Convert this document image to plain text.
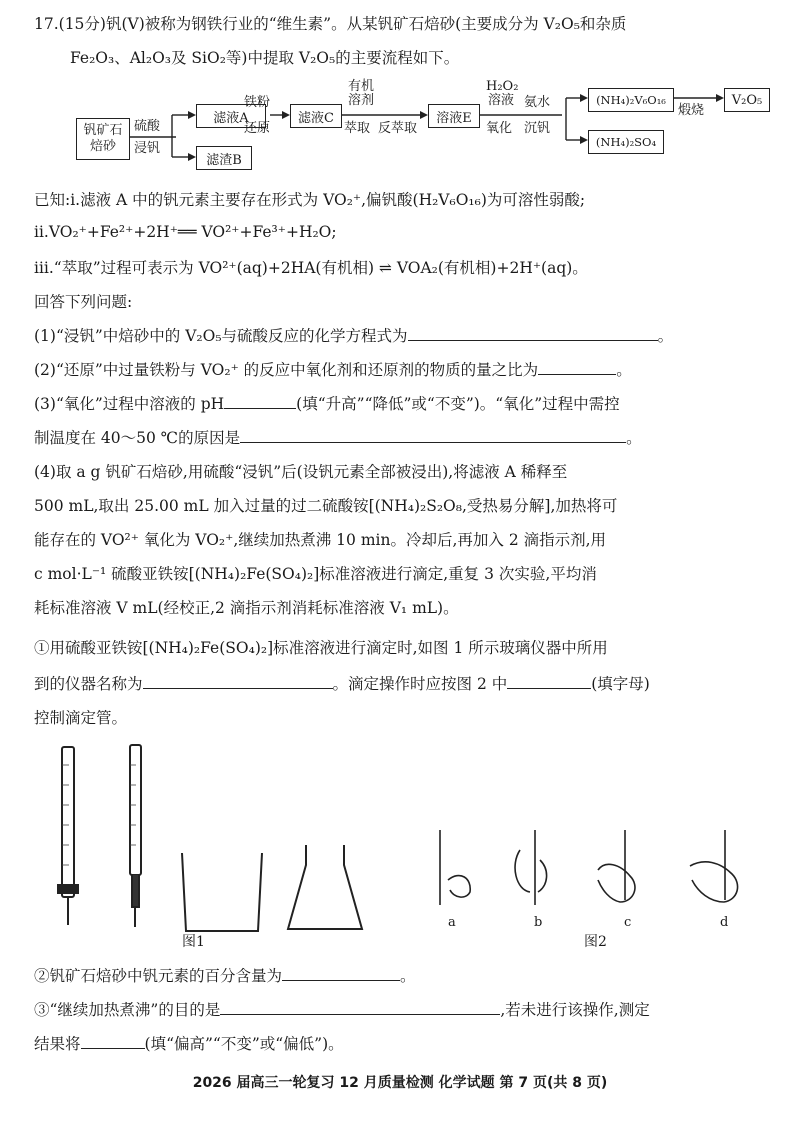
17.(15分)钒(V)被称为钢铁行业的“维生素”。从某钒矿石焙砂(主要成分为 V₂O₅和杂质
Fe₂O₃、Al₂O₃及 SiO₂等)中提取 V₂O₅的主要流程如下。
钒矿石焙砂
硫酸
浸钒
滤液A
滤渣B
铁粉
还原
滤液C
有机溶剂
萃取 反萃取
溶液E
H₂O₂溶液
氧化
氨水
沉钒
(NH₄)₂V₆O₁₆
(NH₄)₂SO₄
煅烧
V₂O₅
已知:ⅰ.滤液 A 中的钒元素主要存在形式为 VO₂⁺,偏钒酸(H₂V₆O₁₆)为可溶性弱酸;
ⅱ.VO₂⁺+Fe²⁺+2H⁺══ VO²⁺+Fe³⁺+H₂O;
ⅲ.“萃取”过程可表示为 VO²⁺(aq)+2HA(有机相) ⇌ VOA₂(有机相)+2H⁺(aq)。
回答下列问题:
(1)“浸钒”中焙砂中的 V₂O₅与硫酸反应的化学方程式为	。
(2)“还原”中过量铁粉与 VO₂⁺ 的反应中氧化剂和还原剂的物质的量之比为	。
(3)“氧化”过程中溶液的 pH	(填“升高”“降低”或“不变”)。“氧化”过程中需控
制温度在 40～50 ℃的原因是	。
(4)取 a g 钒矿石焙砂,用硫酸“浸钒”后(设钒元素全部被浸出),将滤液 A 稀释至
500 mL,取出 25.00 mL 加入过量的过二硫酸铵[(NH₄)₂S₂O₈,受热易分解],加热将可
能存在的 VO²⁺ 氧化为 VO₂⁺,继续加热煮沸 10 min。冷却后,再加入 2 滴指示剂,用
c mol·L⁻¹ 硫酸亚铁铵[(NH₄)₂Fe(SO₄)₂]标准溶液进行滴定,重复 3 次实验,平均消
耗标准溶液 V mL(经校正,2 滴指示剂消耗标准溶液 V₁ mL)。
①用硫酸亚铁铵[(NH₄)₂Fe(SO₄)₂]标准溶液进行滴定时,如图 1 所示玻璃仪器中所用
到的仪器名称为	。滴定操作时应按图 2 中	(填字母)
控制滴定管。
图1
a	b	c	d
图2
②钒矿石焙砂中钒元素的百分含量为	。
③“继续加热煮沸”的目的是	,若未进行该操作,测定
结果将	(填“偏高”“不变”或“偏低”)。
2026 届高三一轮复习 12 月质量检测 化学试题 第 7 页(共 8 页)
